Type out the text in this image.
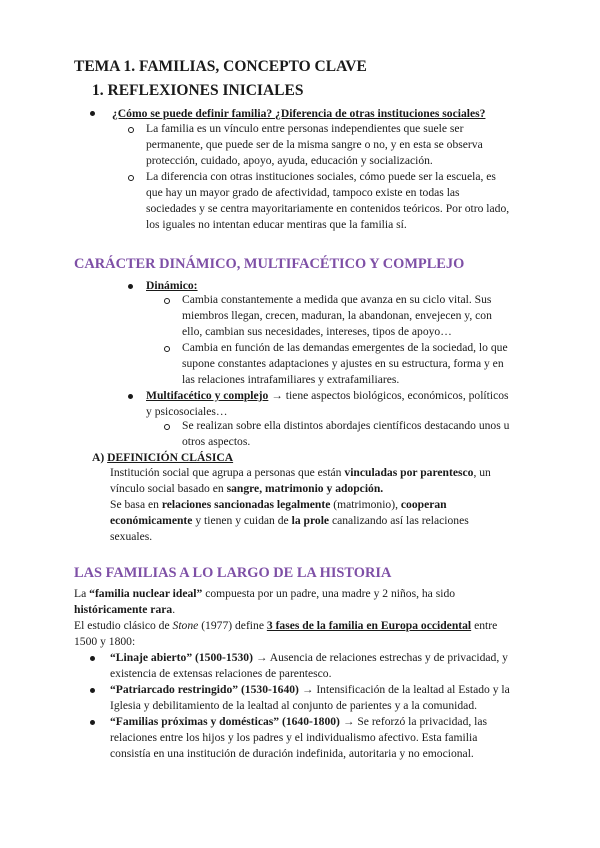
TEMA 1. FAMILIAS, CONCEPTO CLAVE
1. REFLEXIONES INICIALES
¿Cómo se puede definir familia? ¿Diferencia de otras instituciones sociales?
La familia es un vínculo entre personas independientes que suele ser
permanente, que puede ser de la misma sangre o no, y en esta se observa
protección, cuidado, apoyo, ayuda, educación y socialización.
La diferencia con otras instituciones sociales, cómo puede ser la escuela, es
que hay un mayor grado de afectividad, tampoco existe en todas las
sociedades y se centra mayoritariamente en contenidos teóricos. Por otro lado,
los iguales no intentan educar mentiras que la familia sí.
CARÁCTER DINÁMICO, MULTIFACÉTICO Y COMPLEJO
Dinámico:
Cambia constantemente a medida que avanza en su ciclo vital. Sus
miembros llegan, crecen, maduran, la abandonan, envejecen y, con
ello, cambian sus necesidades, intereses, tipos de apoyo…
Cambia en función de las demandas emergentes de la sociedad, lo que
supone constantes adaptaciones y ajustes en su estructura, forma y en
las relaciones intrafamiliares y extrafamiliares.
Multifacético y complejo → tiene aspectos biológicos, económicos, políticos
y psicosociales…
Se realizan sobre ella distintos abordajes científicos destacando unos u
otros aspectos.
A) DEFINICIÓN CLÁSICA
Institución social que agrupa a personas que están vinculadas por parentesco, un
vínculo social basado en sangre, matrimonio y adopción.
Se basa en relaciones sancionadas legalmente (matrimonio), cooperan
económicamente y tienen y cuidan de la prole canalizando así las relaciones
sexuales.
LAS FAMILIAS A LO LARGO DE LA HISTORIA
La “familia nuclear ideal” compuesta por un padre, una madre y 2 niños, ha sido
históricamente rara.
El estudio clásico de Stone (1977) define 3 fases de la familia en Europa occidental entre
1500 y 1800:
“Linaje abierto” (1500-1530) → Ausencia de relaciones estrechas y de privacidad, y
existencia de extensas relaciones de parentesco.
“Patriarcado restringido” (1530-1640) → Intensificación de la lealtad al Estado y la
Iglesia y debilitamiento de la lealtad al conjunto de parientes y a la comunidad.
“Familias próximas y domésticas” (1640-1800) → Se reforzó la privacidad, las
relaciones entre los hijos y los padres y el individualismo afectivo. Esta familia
consistía en una institución de duración indefinida, autoritaria y no emocional.
